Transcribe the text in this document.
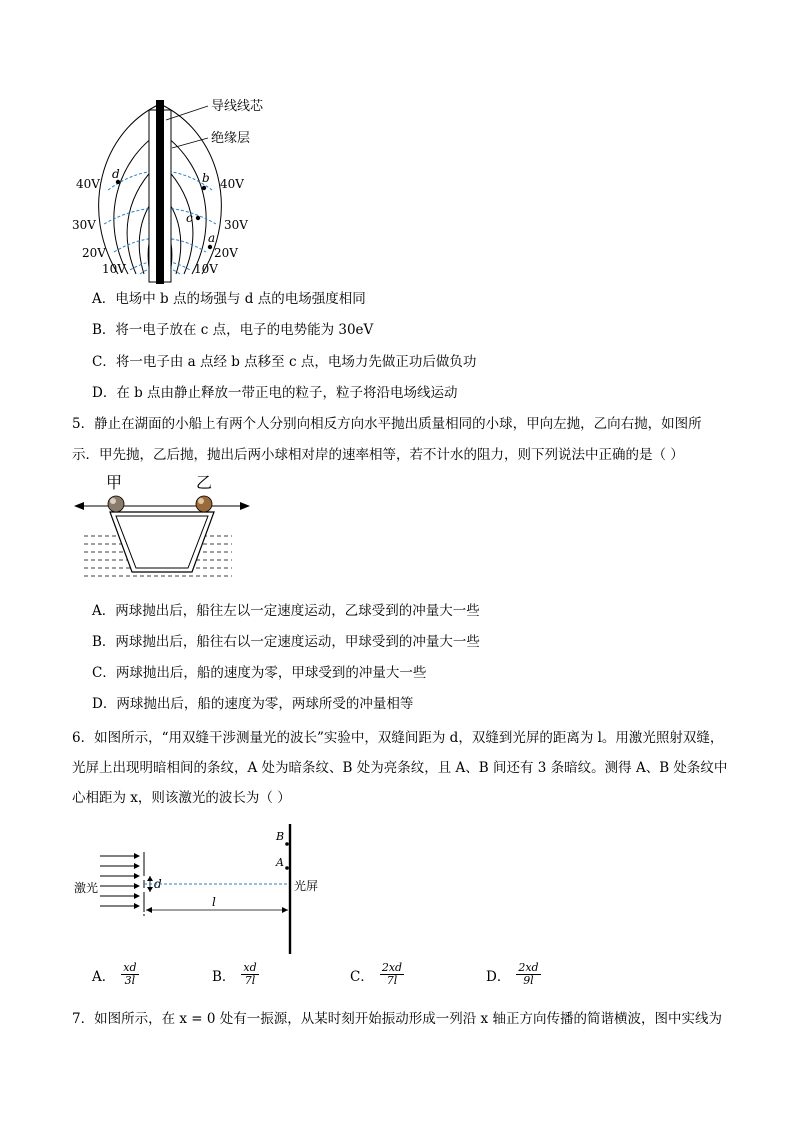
导线线芯
绝缘层
40V
30V
20V
10V
40V
30V
20V
10V
d	b
c
a
A．电场中 b 点的场强与 d 点的电场强度相同
B．将一电子放在 c 点，电子的电势能为 30eV
C．将一电子由 a 点经 b 点移至 c 点，电场力先做正功后做负功
D．在 b 点由静止释放一带正电的粒子，粒子将沿电场线运动
5．静止在湖面的小船上有两个人分别向相反方向水平抛出质量相同的小球，甲向左抛，乙向右抛，如图所
示．甲先抛，乙后抛，抛出后两小球相对岸的速率相等，若不计水的阻力，则下列说法中正确的是（ ）
甲	乙
A．两球抛出后，船往左以一定速度运动，乙球受到的冲量大一些
B．两球抛出后，船往右以一定速度运动，甲球受到的冲量大一些
C．两球抛出后，船的速度为零，甲球受到的冲量大一些
D．两球抛出后，船的速度为零，两球所受的冲量相等
6．如图所示，“用双缝干涉测量光的波长”实验中，双缝间距为 d，双缝到光屏的距离为 l。用激光照射双缝，
光屏上出现明暗相间的条纹，A 处为暗条纹、B 处为亮条纹，且 A、B 间还有 3 条暗纹。测得 A、B 处条纹中
心相距为 x，则该激光的波长为（ ）
d
l
B
A
激光	光屏
A． $\frac{xd}{3l}$	B． $\frac{xd}{7l}$	C． $\frac{2xd}{7l}$	D． $\frac{2xd}{9l}$
7．如图所示，在 x = 0 处有一振源，从某时刻开始振动形成一列沿 x 轴正方向传播的简谐横波，图中实线为
